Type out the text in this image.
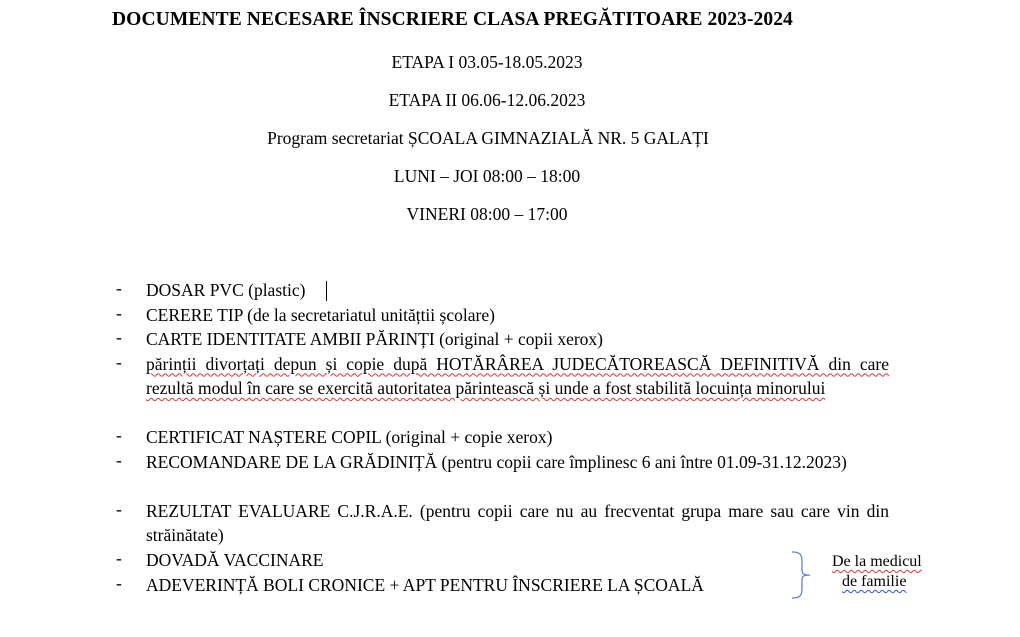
DOCUMENTE NECESARE ÎNSCRIERE CLASA PREGĂTITOARE 2023-2024
ETAPA I 03.05-18.05.2023
ETAPA II 06.06-12.06.2023
Program secretariat ȘCOALA GIMNAZIALĂ NR. 5 GALAȚI
LUNI – JOI 08:00 – 18:00
VINERI 08:00 – 17:00
-	DOSAR PVC (plastic)
-	CERERE TIP (de la secretariatul unitățtii școlare)
-	CARTE IDENTITATE AMBII PĂRINȚI (original + copii xerox)
-	părinții divorțați depun și copie după HOTĂRÂREA JUDECĂTOREASCĂ DEFINITIVĂ din care rezultă modul în care se exercită autoritatea părintească și unde a fost stabilită locuința minorului
-	CERTIFICAT NAȘTERE COPIL (original + copie xerox)
-	RECOMANDARE DE LA GRĂDINIȚĂ (pentru copii care împlinesc 6 ani între 01.09-31.12.2023)
-	REZULTAT EVALUARE C.J.R.A.E. (pentru copii care nu au frecventat grupa mare sau care vin din străinătate)
-	DOVADĂ VACCINARE
-	ADEVERINȚĂ BOLI CRONICE + APT PENTRU ÎNSCRIERE LA ȘCOALĂ
De la medicul
de familie
